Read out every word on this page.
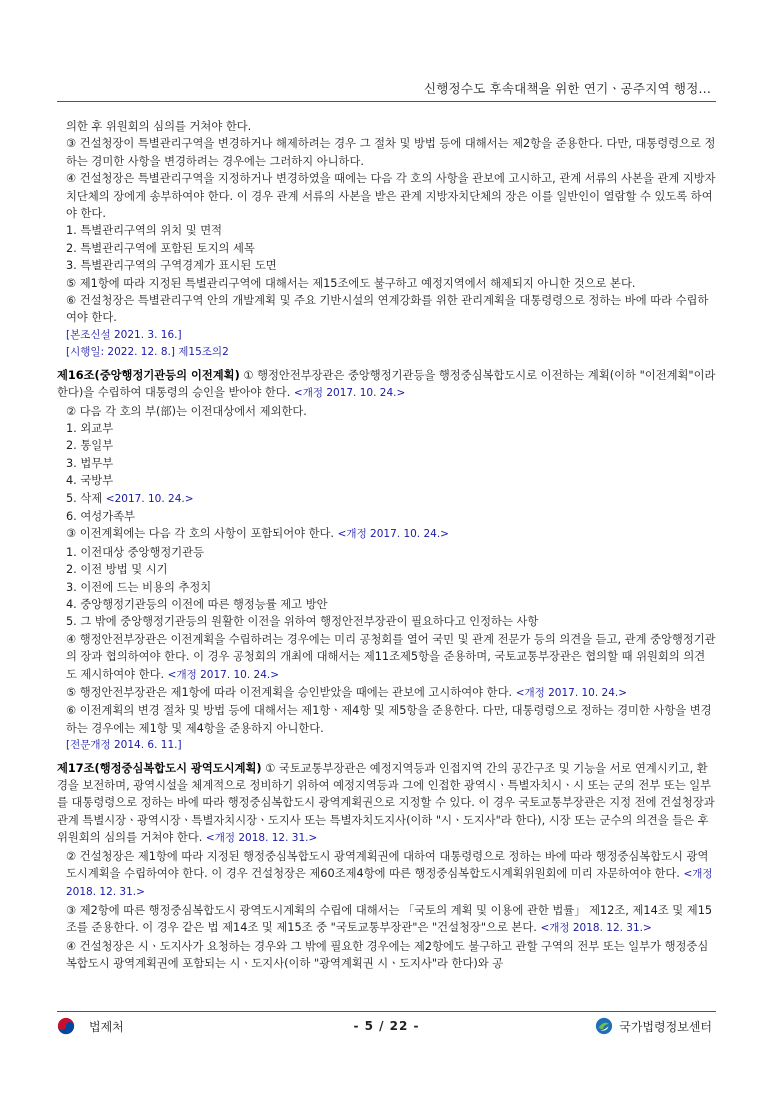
신행정수도 후속대책을 위한 연기ㆍ공주지역 행정...

의한 후 위원회의 심의를 거쳐야 한다.

③ 건설청장이 특별관리구역을 변경하거나 해제하려는 경우 그 절차 및 방법 등에 대해서는 제2항을 준용한다. 다만, 대통령령으로 정하는 경미한 사항을 변경하려는 경우에는 그러하지 아니하다.

④ 건설청장은 특별관리구역을 지정하거나 변경하였을 때에는 다음 각 호의 사항을 관보에 고시하고, 관계 서류의 사본을 관계 지방자치단체의 장에게 송부하여야 한다. 이 경우 관계 서류의 사본을 받은 관계 지방자치단체의 장은 이를 일반인이 열람할 수 있도록 하여야 한다.

1. 특별관리구역의 위치 및 면적

2. 특별관리구역에 포함된 토지의 세목

3. 특별관리구역의 구역경계가 표시된 도면

⑤ 제1항에 따라 지정된 특별관리구역에 대해서는 제15조에도 불구하고 예정지역에서 해제되지 아니한 것으로 본다.

⑥ 건설청장은 특별관리구역 안의 개발계획 및 주요 기반시설의 연계강화를 위한 관리계획을 대통령령으로 정하는 바에 따라 수립하여야 한다.

[본조신설 2021. 3. 16.]

[시행일: 2022. 12. 8.] 제15조의2

제16조(중앙행정기관등의 이전계획) ① 행정안전부장관은 중앙행정기관등을 행정중심복합도시로 이전하는 계획(이하 "이전계획"이라 한다)을 수립하여 대통령의 승인을 받아야 한다. <개정 2017. 10. 24.>

② 다음 각 호의 부(部)는 이전대상에서 제외한다.

1. 외교부

2. 통일부

3. 법무부

4. 국방부

5. 삭제 <2017. 10. 24.>

6. 여성가족부

③ 이전계획에는 다음 각 호의 사항이 포함되어야 한다. <개정 2017. 10. 24.>

1. 이전대상 중앙행정기관등

2. 이전 방법 및 시기

3. 이전에 드는 비용의 추정치

4. 중앙행정기관등의 이전에 따른 행정능률 제고 방안

5. 그 밖에 중앙행정기관등의 원활한 이전을 위하여 행정안전부장관이 필요하다고 인정하는 사항

④ 행정안전부장관은 이전계획을 수립하려는 경우에는 미리 공청회를 열어 국민 및 관계 전문가 등의 의견을 듣고, 관계 중앙행정기관의 장과 협의하여야 한다. 이 경우 공청회의 개최에 대해서는 제11조제5항을 준용하며, 국토교통부장관은 협의할 때 위원회의 의견도 제시하여야 한다. <개정 2017. 10. 24.>

⑤ 행정안전부장관은 제1항에 따라 이전계획을 승인받았을 때에는 관보에 고시하여야 한다. <개정 2017. 10. 24.>

⑥ 이전계획의 변경 절차 및 방법 등에 대해서는 제1항ㆍ제4항 및 제5항을 준용한다. 다만, 대통령령으로 정하는 경미한 사항을 변경하는 경우에는 제1항 및 제4항을 준용하지 아니한다.

[전문개정 2014. 6. 11.]

제17조(행정중심복합도시 광역도시계획) ① 국토교통부장관은 예정지역등과 인접지역 간의 공간구조 및 기능을 서로 연계시키고, 환경을 보전하며, 광역시설을 체계적으로 정비하기 위하여 예정지역등과 그에 인접한 광역시ㆍ특별자치시ㆍ시 또는 군의 전부 또는 일부를 대통령령으로 정하는 바에 따라 행정중심복합도시 광역계획권으로 지정할 수 있다. 이 경우 국토교통부장관은 지정 전에 건설청장과 관계 특별시장ㆍ광역시장ㆍ특별자치시장ㆍ도지사 또는 특별자치도지사(이하 "시ㆍ도지사"라 한다), 시장 또는 군수의 의견을 들은 후 위원회의 심의를 거쳐야 한다. <개정 2018. 12. 31.>

② 건설청장은 제1항에 따라 지정된 행정중심복합도시 광역계획권에 대하여 대통령령으로 정하는 바에 따라 행정중심복합도시 광역도시계획을 수립하여야 한다. 이 경우 건설청장은 제60조제4항에 따른 행정중심복합도시계획위원회에 미리 자문하여야 한다. <개정 2018. 12. 31.>

③ 제2항에 따른 행정중심복합도시 광역도시계획의 수립에 대해서는 「국토의 계획 및 이용에 관한 법률」 제12조, 제14조 및 제15조를 준용한다. 이 경우 같은 법 제14조 및 제15조 중 "국토교통부장관"은 "건설청장"으로 본다. <개정 2018. 12. 31.>

④ 건설청장은 시ㆍ도지사가 요청하는 경우와 그 밖에 필요한 경우에는 제2항에도 불구하고 관할 구역의 전부 또는 일부가 행정중심복합도시 광역계획권에 포함되는 시ㆍ도지사(이하 "광역계획권 시ㆍ도지사"라 한다)와 공

법제처	- 5 / 22 -	국가법령정보센터
